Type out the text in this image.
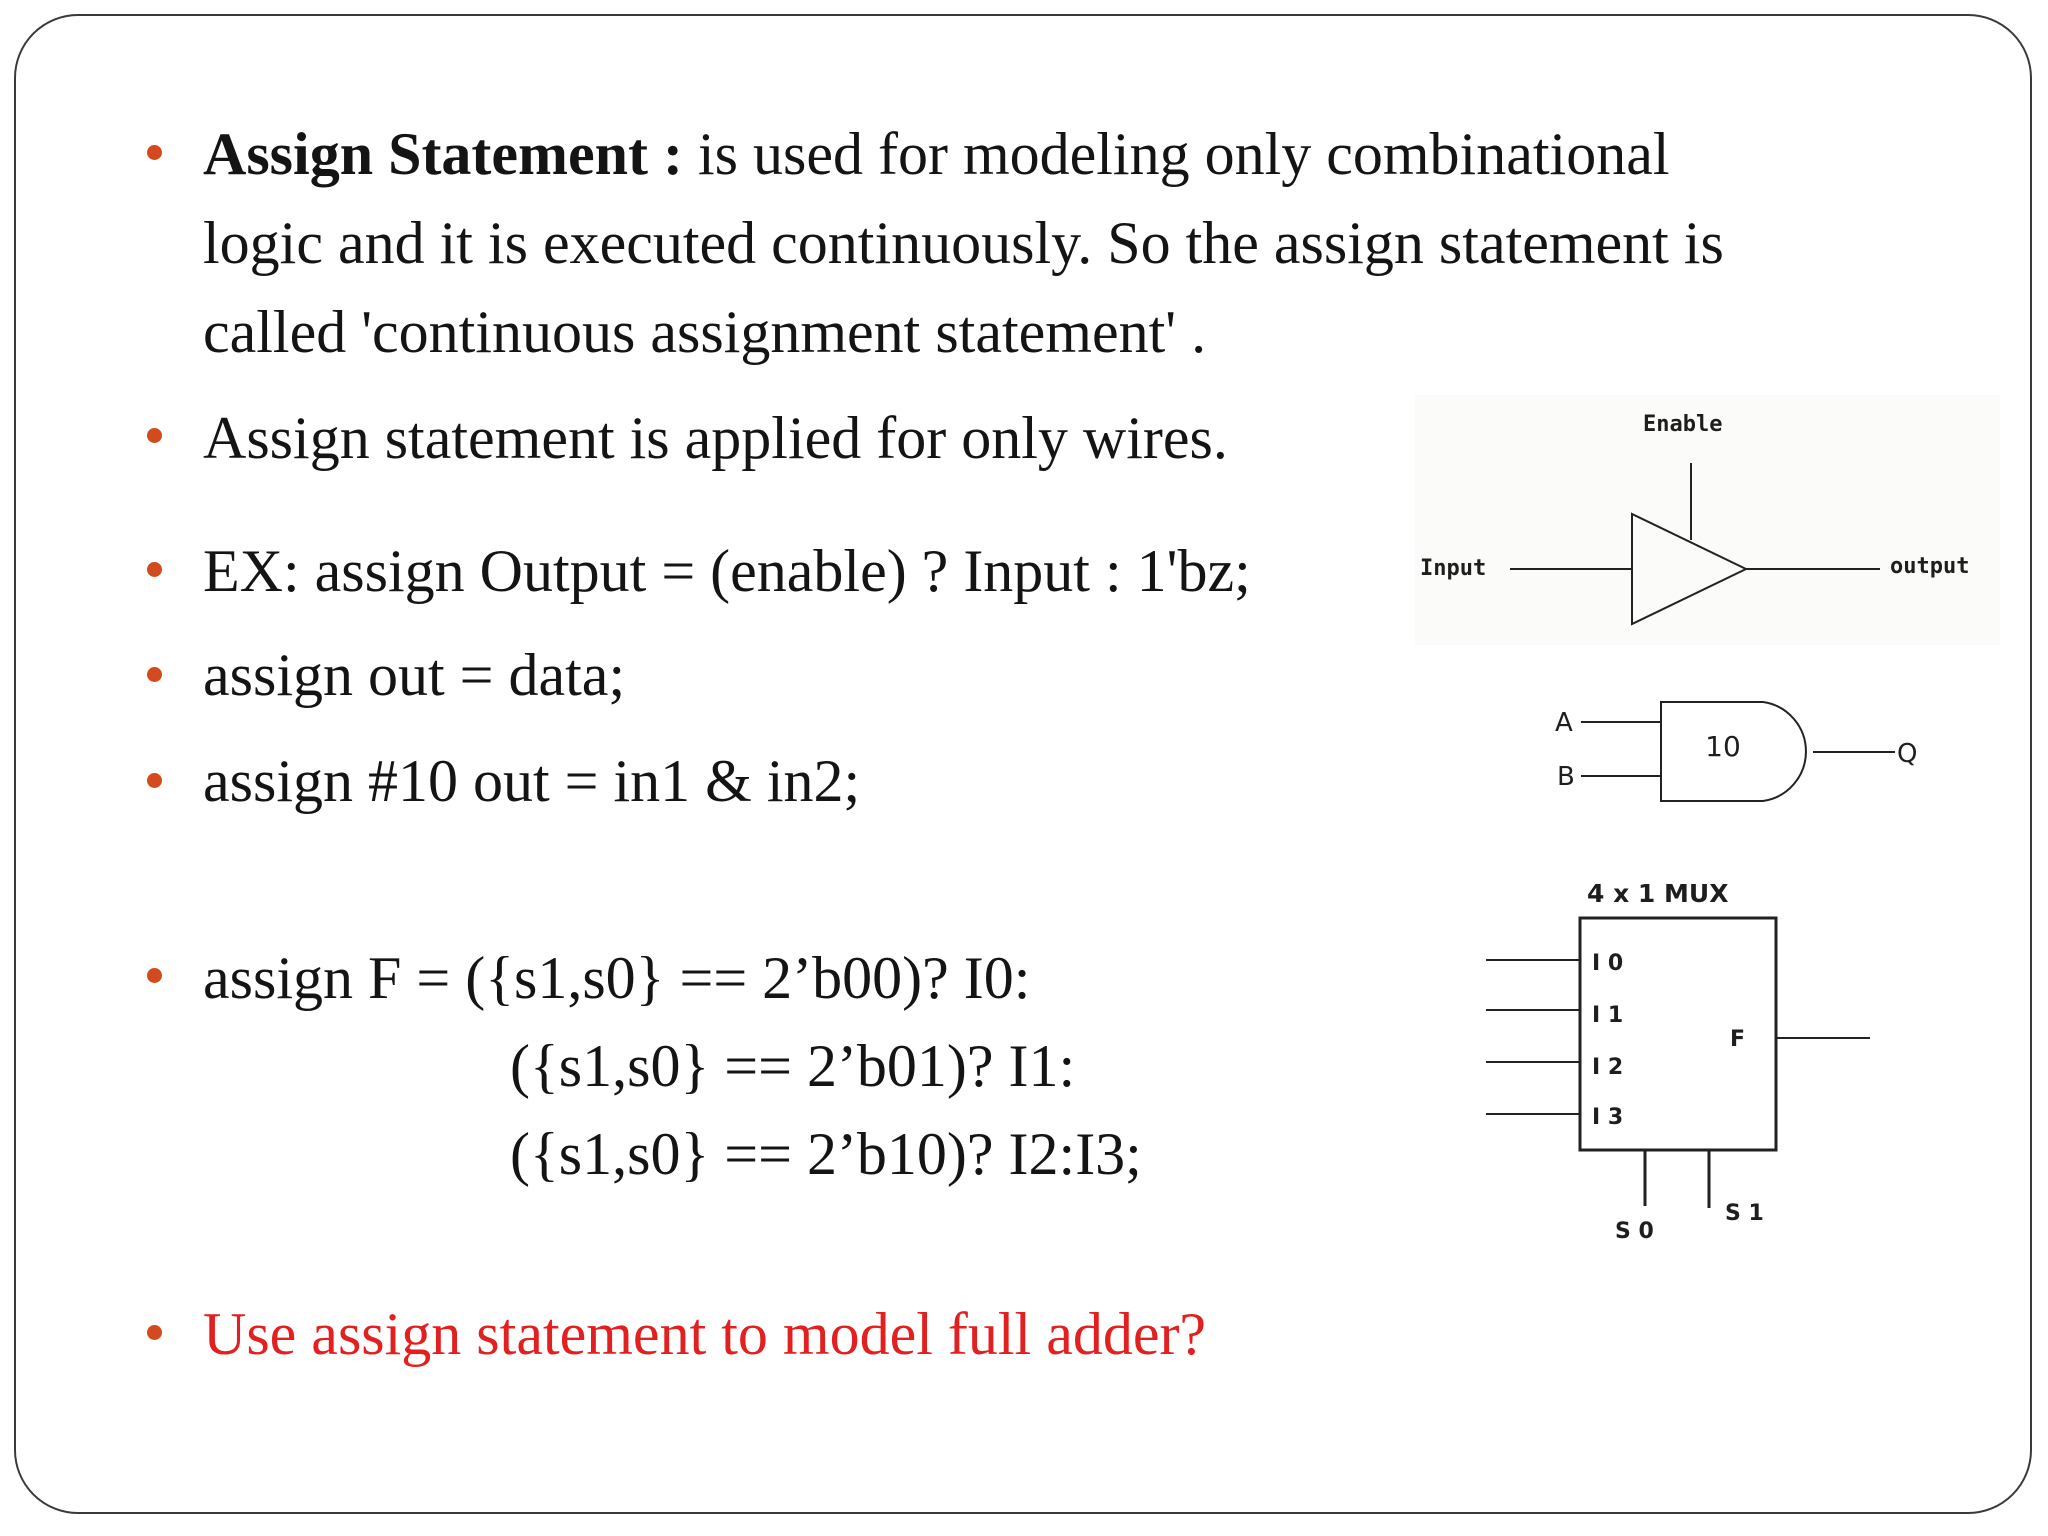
Assign Statement : is used for modeling only combinational
logic and it is executed continuously. So the assign statement is
called 'continuous assignment statement' .
Assign statement is applied for only wires.
EX: assign Output = (enable) ? Input : 1'bz;
assign out = data;
assign #10 out = in1 & in2;
assign F = ({s1,s0} == 2’b00)? I0:
({s1,s0} == 2’b01)? I1:
({s1,s0} == 2’b10)? I2:I3;
Use assign statement to model full adder?
Enable
Input	output
A
B
10	Q
4 x 1 MUX
I 0
I 1
I 2
I 3
F
S 0
S 1
